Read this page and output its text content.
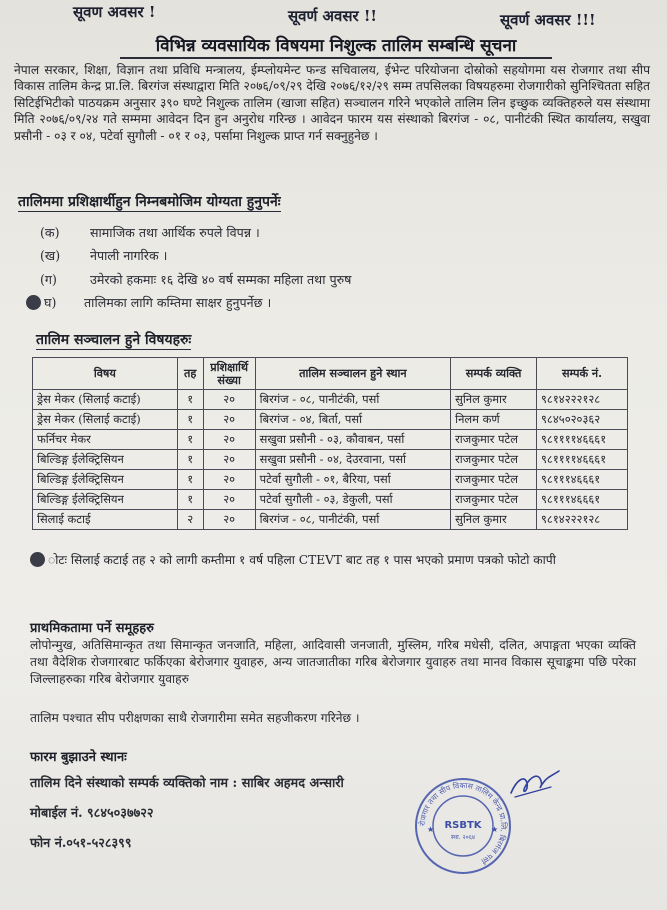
सूवण अवसर !	सूवर्ण अवसर !!	सूवर्ण अवसर !!!
विभिन्न व्यवसायिक विषयमा निशुल्क तालिम सम्बन्धि सूचना
नेपाल सरकार, शिक्षा, विज्ञान तथा प्रविधि मन्त्रालय, ईम्प्लोयमेन्ट फन्ड सचिवालय, ईभेन्ट परियोजना दोस्रोको सहयोगमा यस रोजगार तथा सीप विकास तालिम केन्द्र प्रा.लि. बिरगंज संस्थाद्वारा मिति २०७६/०९/२९ देखि २०७६/१२/२९ सम्म तपसिलका विषयहरुमा रोजगारीको सुनिश्चितता सहित सिटिईभिटीको पाठयक्रम अनुसार ३९० घण्टे निशुल्क तालिम (खाजा सहित) सञ्चालन गरिने भएकोले तालिम लिन इच्छुक व्यक्तिहरुले यस संस्थामा मिति २०७६/०९/२४ गते सम्ममा आवेदन दिन हुन अनुरोध गरिन्छ । आवेदन फारम यस संस्थाको बिरगंज - ०८, पानीटंकी स्थित कार्यालय, सखुवा प्रसौनी - ०३ र ०४, पटेर्वा सुगौली - ०१ र ०३, पर्सामा निशुल्क प्राप्त गर्न सक्नुहुनेछ ।
तालिममा प्रशिक्षार्थीहुन निम्नबमोजिम योग्यता हुनुपर्नेः
(क) सामाजिक तथा आर्थिक रुपले विपन्न ।
(ख) नेपाली नागरिक ।
(ग)	उमेरको हकमाः १६ देखि ४० वर्ष सम्मका महिला तथा पुरुष
घ) तालिमका लागि कम्तिमा साक्षर हुनुपर्नेछ ।
तालिम सञ्चालन हुने विषयहरुः
विषय	तह	प्रशिक्षार्थि संख्या	तालिम सञ्चालन हुने स्थान	सम्पर्क व्यक्ति	सम्पर्क नं.
ड्रेस मेकर (सिलाई कटाई)	१	२०	बिरगंज - ०८, पानीटंकी, पर्सा	सुनिल कुमार	९८१४२२२१२८
ड्रेस मेकर (सिलाई कटाई)	१	२०	बिरगंज - ०४, बिर्ता, पर्सा	निलम कर्ण	९८४५०२०३६२
फर्निचर मेकर	१	२०	सखुवा प्रसौनी - ०३, कौवाबन, पर्सा	राजकुमार पटेल	९८११११४६६६१
बिल्डिङ्ग ईलेक्ट्रिसियन	१	२०	सखुवा प्रसौनी - ०४, देउरवाना, पर्सा	राजकुमार पटेल	९८११११४६६६१
बिल्डिङ्ग ईलेक्ट्रिसियन	१	२०	पटेर्वा सुगौली - ०१, बैरिया, पर्सा	राजकुमार पटेल	९८१११४६६६१
बिल्डिङ्ग ईलेक्ट्रिसियन	१	२०	पटेर्वा सुगौली - ०३, डेकुली, पर्सा	राजकुमार पटेल	९८१११४६६६१
सिलाई कटाई	२	२०	बिरगंज - ०८, पानीटंकी, पर्सा	सुनिल कुमार	९८१४२२२१२८
ोटः सिलाई कटाई तह २ को लागी कम्तीमा १ वर्ष पहिला CTEVT बाट तह १ पास भएको प्रमाण पत्रको फोटो कापी
प्राथमिकतामा पर्ने समूहहरु
लोपोन्मुख, अतिसिमान्कृत तथा सिमान्कृत जनजाति, महिला, आदिवासी जनजाती, मुस्लिम, गरिब मधेसी, दलित, अपाङ्गता भएका व्यक्ति तथा वैदेशिक रोजगारबाट फर्किएका बेरोजगार युवाहरु, अन्य जातजातीका गरिब बेरोजगार युवाहरु तथा मानव विकास सूचाङ्कमा पछि परेका जिल्लाहरुका गरिब बेरोजगार युवाहरु
तालिम पश्चात सीप परीक्षणका साथै रोजगारीमा समेत सहजीकरण गरिनेछ ।
फारम बुझाउने स्थानः
तालिम दिने संस्थाको सम्पर्क व्यक्तिको नाम : साबिर अहमद अन्सारी
मोबाईल नं. ९८४५०३७७२२
फोन नं.०५१-५२८३९९
रोजगार तथा सीप विकास तालिम केन्द्र प्रा.लि. बिरगंज पर्सा
RSBTK
स्था. २०६४
★	★
